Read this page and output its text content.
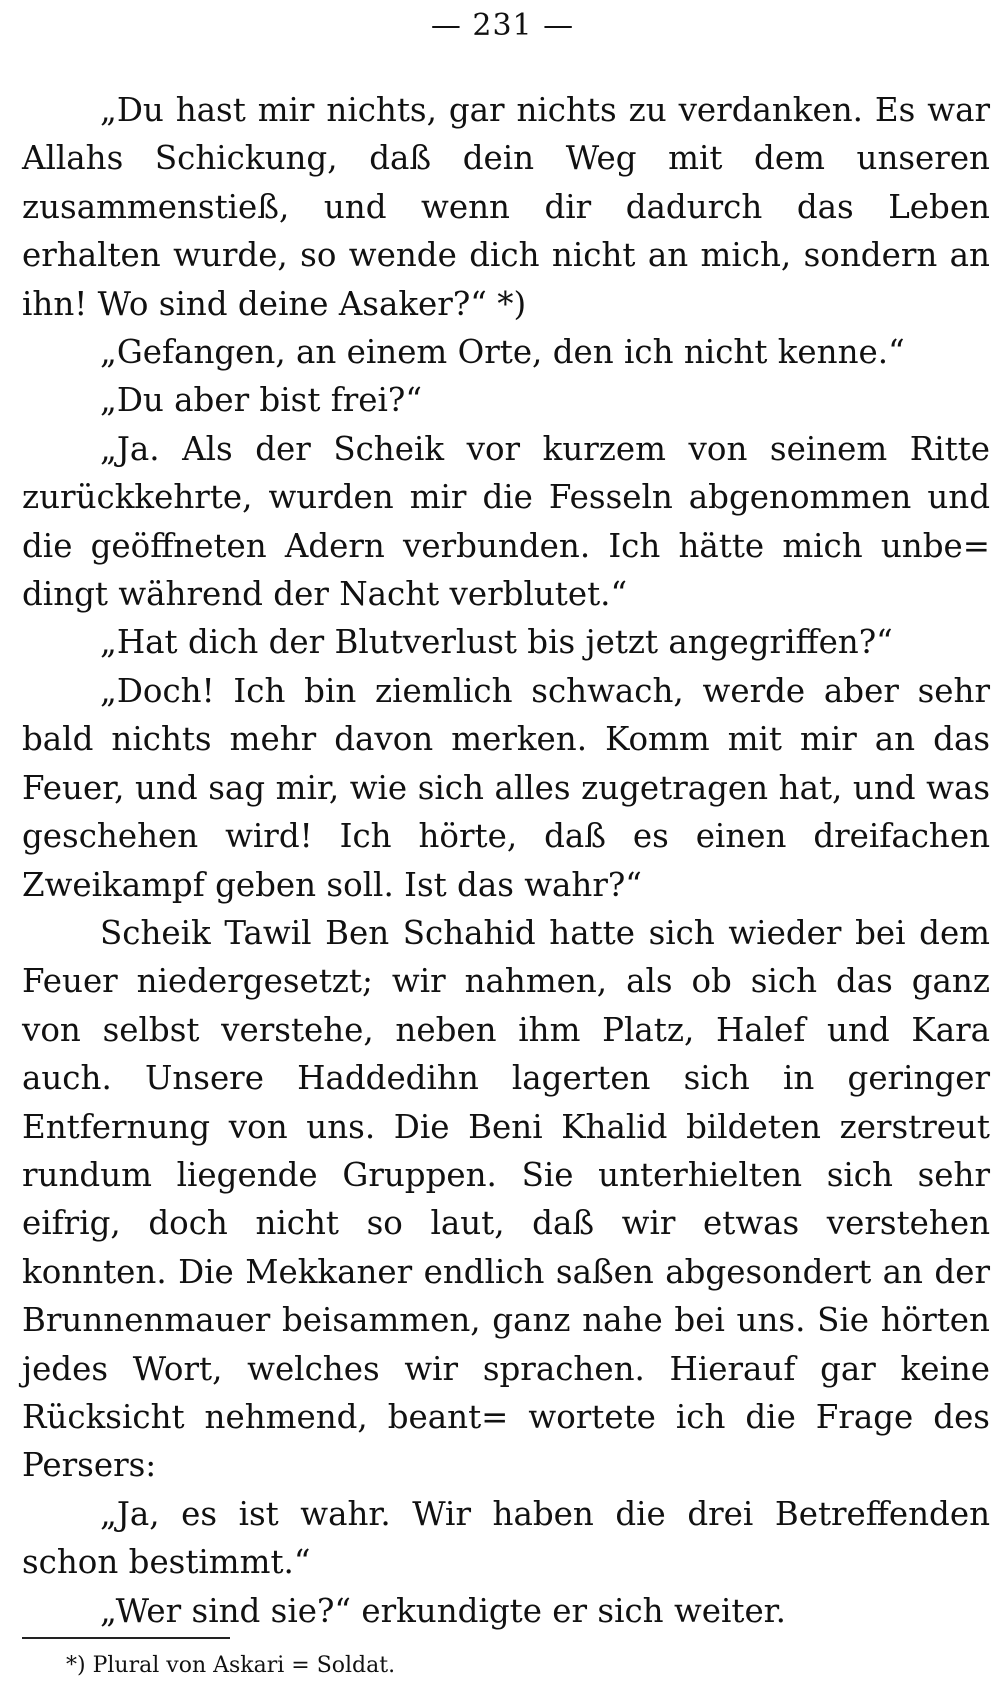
— 231 —

„Du hast mir nichts, gar nichts zu verdanken. Es war Allahs Schickung, daß dein Weg mit dem unseren zusammenstieß, und wenn dir dadurch das Leben erhalten wurde, so wende dich nicht an mich, sondern an ihn! Wo sind deine Asaker?“ *)

„Gefangen, an einem Orte, den ich nicht kenne.“

„Du aber bist frei?“

„Ja. Als der Scheik vor kurzem von seinem Ritte zurückkehrte, wurden mir die Fesseln abgenommen und die geöffneten Adern verbunden. Ich hätte mich unbe= dingt während der Nacht verblutet.“

„Hat dich der Blutverlust bis jetzt angegriffen?“

„Doch! Ich bin ziemlich schwach, werde aber sehr bald nichts mehr davon merken. Komm mit mir an das Feuer, und sag mir, wie sich alles zugetragen hat, und was geschehen wird! Ich hörte, daß es einen dreifachen Zweikampf geben soll. Ist das wahr?“

Scheik Tawil Ben Schahid hatte sich wieder bei dem Feuer niedergesetzt; wir nahmen, als ob sich das ganz von selbst verstehe, neben ihm Platz, Halef und Kara auch. Unsere Haddedihn lagerten sich in geringer Entfernung von uns. Die Beni Khalid bildeten zerstreut rundum liegende Gruppen. Sie unterhielten sich sehr eifrig, doch nicht so laut, daß wir etwas verstehen konnten. Die Mekkaner endlich saßen abgesondert an der Brunnenmauer beisammen, ganz nahe bei uns. Sie hörten jedes Wort, welches wir sprachen. Hierauf gar keine Rücksicht nehmend, beant= wortete ich die Frage des Persers:

„Ja, es ist wahr. Wir haben die drei Betreffenden schon bestimmt.“

„Wer sind sie?“ erkundigte er sich weiter.

*) Plural von Askari = Soldat.
